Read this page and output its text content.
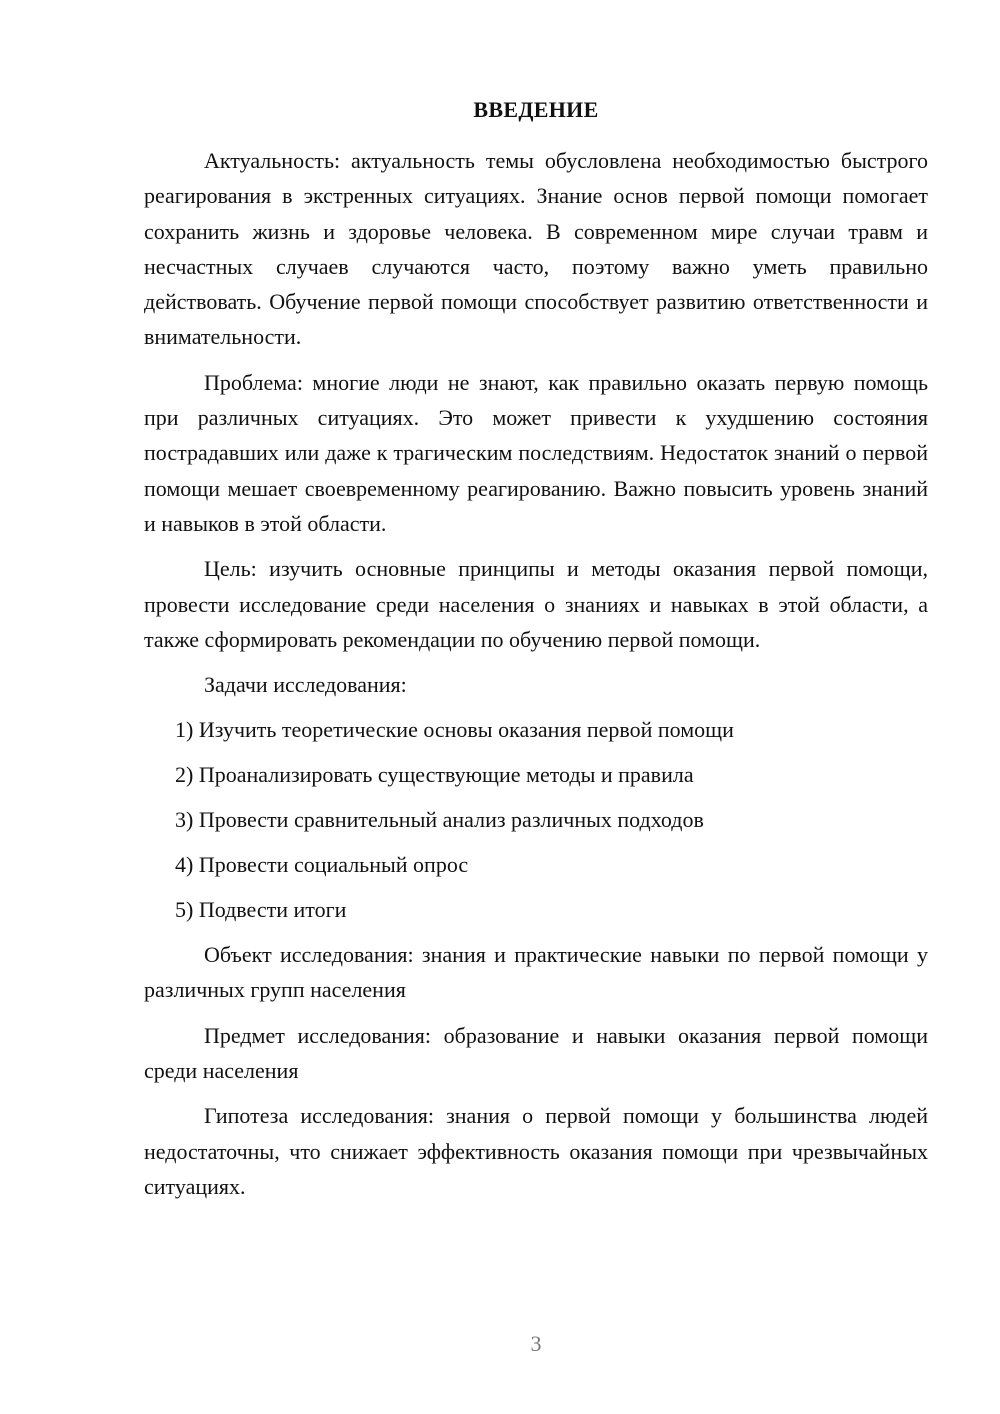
ВВЕДЕНИЕ

Актуальность: актуальность темы обусловлена необходимостью быстрого реагирования в экстренных ситуациях. Знание основ первой помощи помогает сохранить жизнь и здоровье человека. В современном мире случаи травм и несчастных случаев случаются часто, поэтому важно уметь правильно действовать. Обучение первой помощи способствует развитию ответственности и внимательности.

Проблема: многие люди не знают, как правильно оказать первую помощь при различных ситуациях. Это может привести к ухудшению состояния пострадавших или даже к трагическим последствиям. Недостаток знаний о первой помощи мешает своевременному реагированию. Важно повысить уровень знаний и навыков в этой области.

Цель: изучить основные принципы и методы оказания первой помощи, провести исследование среди населения о знаниях и навыках в этой области, а также сформировать рекомендации по обучению первой помощи.

Задачи исследования:
1) Изучить теоретические основы оказания первой помощи
2) Проанализировать существующие методы и правила
3) Провести сравнительный анализ различных подходов
4) Провести социальный опрос
5) Подвести итоги

Объект исследования: знания и практические навыки по первой помощи у различных групп населения

Предмет исследования: образование и навыки оказания первой помощи среди населения

Гипотеза исследования: знания о первой помощи у большинства людей недостаточны, что снижает эффективность оказания помощи при чрезвычайных ситуациях.

3
